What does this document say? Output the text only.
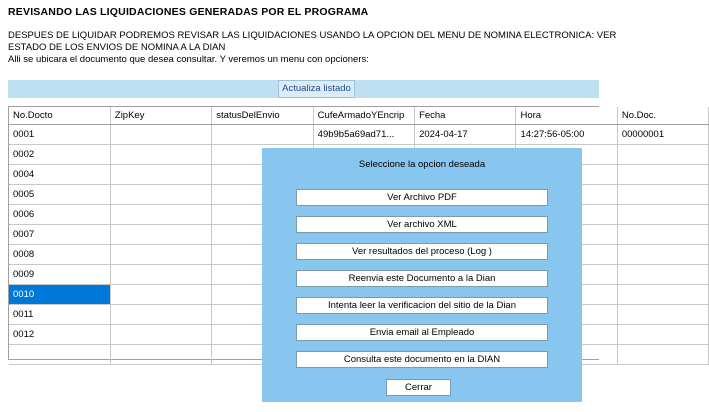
REVISANDO LAS LIQUIDACIONES GENERADAS POR EL PROGRAMA
DESPUES DE LIQUIDAR PODREMOS REVISAR LAS LIQUIDACIONES USANDO LA OPCION DEL MENU DE NOMINA ELECTRONICA: VER
ESTADO DE LOS ENVIOS DE NOMINA A LA DIAN
Alli se ubicara el documento que desea consultar. Y veremos un menu con opcioners:
Actualiza listado
No.Docto	ZipKey	statusDelEnvio	CufeArmadoYEncrip	Fecha	Hora	No.Doc.
0001			49b9b5a69ad71...	2024-04-17	14:27:56-05:00	00000001
0002						
0004						
0005						
0006						
0007						
0008						
0009						
0010						
0011						
0012						

Seleccione la opcion deseada
Ver Archivo PDF
Ver archivo XML
Ver resultados del proceso (Log )
Reenvia este Documento a la Dian
Intenta leer la verificacion del sitio de la Dian
Envia email al Empleado
Consulta este documento en la DIAN
Cerrar
